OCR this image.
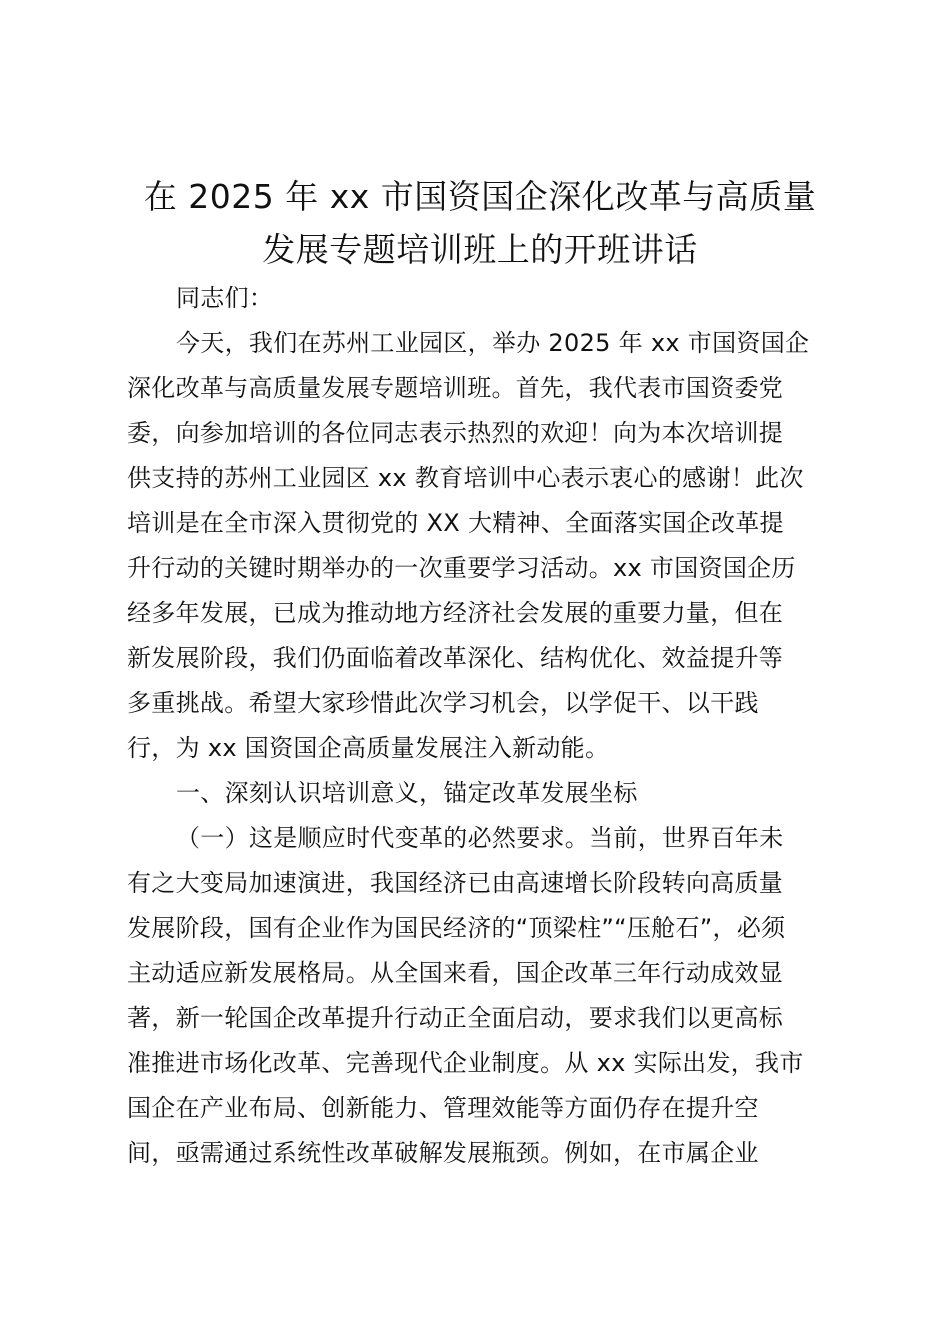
在 2025 年 xx 市国资国企深化改革与高质量
发展专题培训班上的开班讲话
同志们：
今天，我们在苏州工业园区，举办 2025 年 xx 市国资国企
深化改革与高质量发展专题培训班。首先，我代表市国资委党
委，向参加培训的各位同志表示热烈的欢迎！向为本次培训提
供支持的苏州工业园区 xx 教育培训中心表示衷心的感谢！此次
培训是在全市深入贯彻党的 XX 大精神、全面落实国企改革提
升行动的关键时期举办的一次重要学习活动。xx 市国资国企历
经多年发展，已成为推动地方经济社会发展的重要力量，但在
新发展阶段，我们仍面临着改革深化、结构优化、效益提升等
多重挑战。希望大家珍惜此次学习机会，以学促干、以干践
行，为 xx 国资国企高质量发展注入新动能。
一、深刻认识培训意义，锚定改革发展坐标
（一）这是顺应时代变革的必然要求。当前，世界百年未
有之大变局加速演进，我国经济已由高速增长阶段转向高质量
发展阶段，国有企业作为国民经济的“顶梁柱”“压舱石”，必须
主动适应新发展格局。从全国来看，国企改革三年行动成效显
著，新一轮国企改革提升行动正全面启动，要求我们以更高标
准推进市场化改革、完善现代企业制度。从 xx 实际出发，我市
国企在产业布局、创新能力、管理效能等方面仍存在提升空
间，亟需通过系统性改革破解发展瓶颈。例如，在市属企业
